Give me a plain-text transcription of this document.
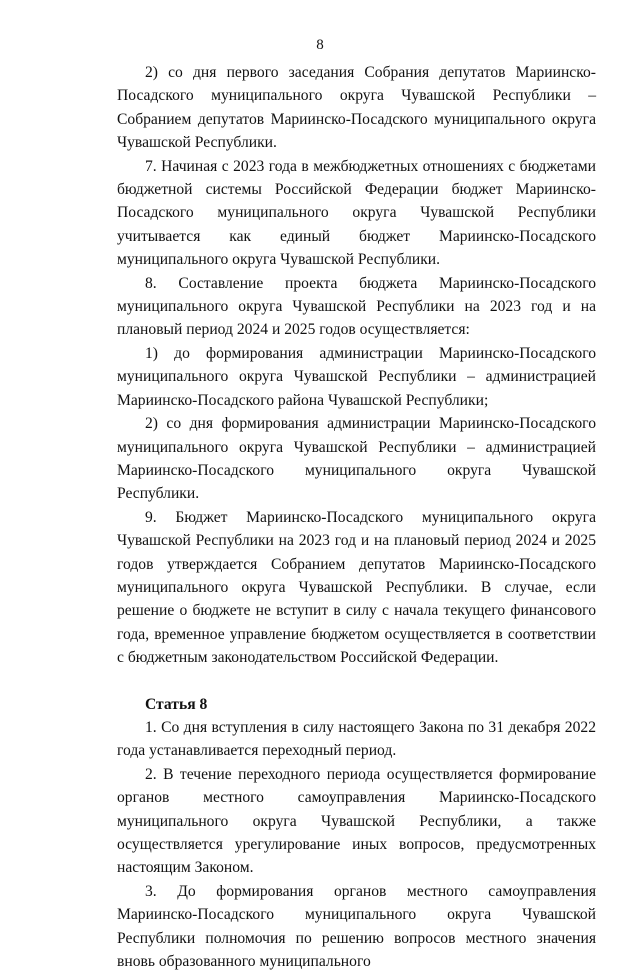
8

2) со дня первого заседания Собрания депутатов Мариинско-Посадского муниципального округа Чувашской Республики – Собранием депутатов Мариинско-Посадского муниципального округа Чувашской Республики.

7. Начиная с 2023 года в межбюджетных отношениях с бюджетами бюджетной системы Российской Федерации бюджет Мариинско-Посадского муниципального округа Чувашской Республики учитывается как единый бюджет Мариинско-Посадского муниципального округа Чувашской Республики.

8. Составление проекта бюджета Мариинско-Посадского муниципального округа Чувашской Республики на 2023 год и на плановый период 2024 и 2025 годов осуществляется:

1) до формирования администрации Мариинско-Посадского муниципального округа Чувашской Республики – администрацией Мариинско-Посадского района Чувашской Республики;

2) со дня формирования администрации Мариинско-Посадского муниципального округа Чувашской Республики – администрацией Мариинско-Посадского муниципального округа Чувашской Республики.

9. Бюджет Мариинско-Посадского муниципального округа Чувашской Республики на 2023 год и на плановый период 2024 и 2025 годов утверждается Собранием депутатов Мариинско-Посадского муниципального округа Чувашской Республики. В случае, если решение о бюджете не вступит в силу с начала текущего финансового года, временное управление бюджетом осуществляется в соответствии с бюджетным законодательством Российской Федерации.

Статья 8

1. Со дня вступления в силу настоящего Закона по 31 декабря 2022 года устанавливается переходный период.

2. В течение переходного периода осуществляется формирование органов местного самоуправления Мариинско-Посадского муниципального округа Чувашской Республики, а также осуществляется урегулирование иных вопросов, предусмотренных настоящим Законом.

3. До формирования органов местного самоуправления Мариинско-Посадского муниципального округа Чувашской Республики полномочия по решению вопросов местного значения вновь образованного муниципального
